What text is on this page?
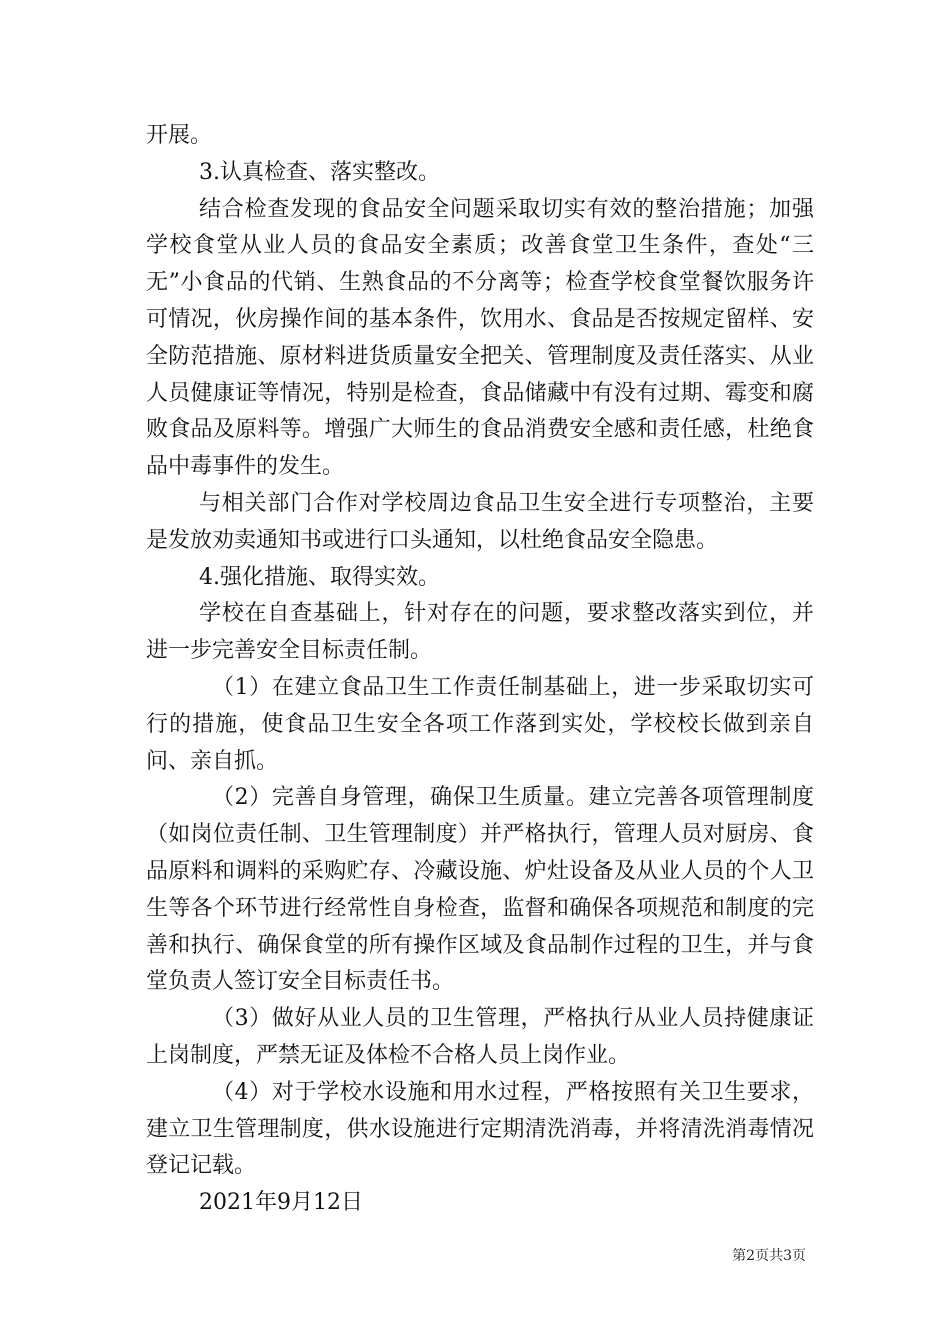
开展。

3.认真检查、落实整改。

结合检查发现的食品安全问题采取切实有效的整治措施；加强学校食堂从业人员的食品安全素质；改善食堂卫生条件，查处“三无”小食品的代销、生熟食品的不分离等；检查学校食堂餐饮服务许可情况，伙房操作间的基本条件，饮用水、食品是否按规定留样、安全防范措施、原材料进货质量安全把关、管理制度及责任落实、从业人员健康证等情况，特别是检查，食品储藏中有没有过期、霉变和腐败食品及原料等。增强广大师生的食品消费安全感和责任感，杜绝食品中毒事件的发生。

与相关部门合作对学校周边食品卫生安全进行专项整治，主要是发放劝卖通知书或进行口头通知，以杜绝食品安全隐患。

4.强化措施、取得实效。

学校在自查基础上，针对存在的问题，要求整改落实到位，并进一步完善安全目标责任制。

（1）在建立食品卫生工作责任制基础上，进一步采取切实可行的措施，使食品卫生安全各项工作落到实处，学校校长做到亲自问、亲自抓。

（2）完善自身管理，确保卫生质量。建立完善各项管理制度（如岗位责任制、卫生管理制度）并严格执行，管理人员对厨房、食品原料和调料的采购贮存、冷藏设施、炉灶设备及从业人员的个人卫生等各个环节进行经常性自身检查，监督和确保各项规范和制度的完善和执行、确保食堂的所有操作区域及食品制作过程的卫生，并与食堂负责人签订安全目标责任书。

（3）做好从业人员的卫生管理，严格执行从业人员持健康证上岗制度，严禁无证及体检不合格人员上岗作业。

（4）对于学校水设施和用水过程，严格按照有关卫生要求，建立卫生管理制度，供水设施进行定期清洗消毒，并将清洗消毒情况登记记载。

2021年9月12日

第2页共3页
